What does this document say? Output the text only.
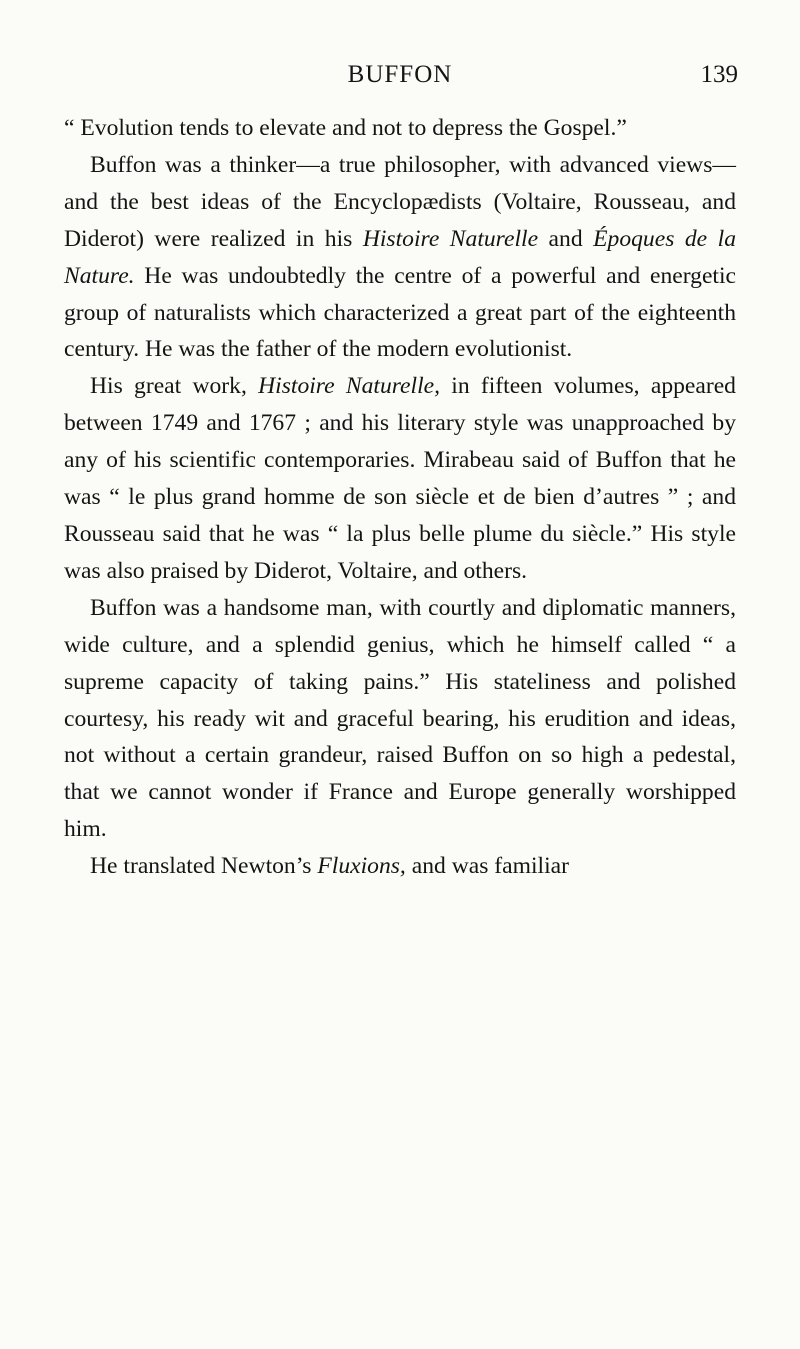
BUFFON	139

“ Evolution tends to elevate and not to depress the Gospel.”

Buffon was a thinker—a true philosopher, with advanced views—and the best ideas of the Encyclopædists (Voltaire, Rousseau, and Diderot) were realized in his Histoire Naturelle and Époques de la Nature. He was undoubtedly the centre of a powerful and energetic group of naturalists which characterized a great part of the eighteenth century. He was the father of the modern evolutionist.

His great work, Histoire Naturelle, in fifteen volumes, appeared between 1749 and 1767 ; and his literary style was unapproached by any of his scientific contemporaries. Mirabeau said of Buffon that he was “ le plus grand homme de son siècle et de bien d’autres ” ; and Rousseau said that he was “ la plus belle plume du siècle.” His style was also praised by Diderot, Voltaire, and others.

Buffon was a handsome man, with courtly and diplomatic manners, wide culture, and a splendid genius, which he himself called “ a supreme capacity of taking pains.” His stateliness and polished courtesy, his ready wit and graceful bearing, his erudition and ideas, not without a certain grandeur, raised Buffon on so high a pedestal, that we cannot wonder if France and Europe generally worshipped him.

He translated Newton’s Fluxions, and was familiar
